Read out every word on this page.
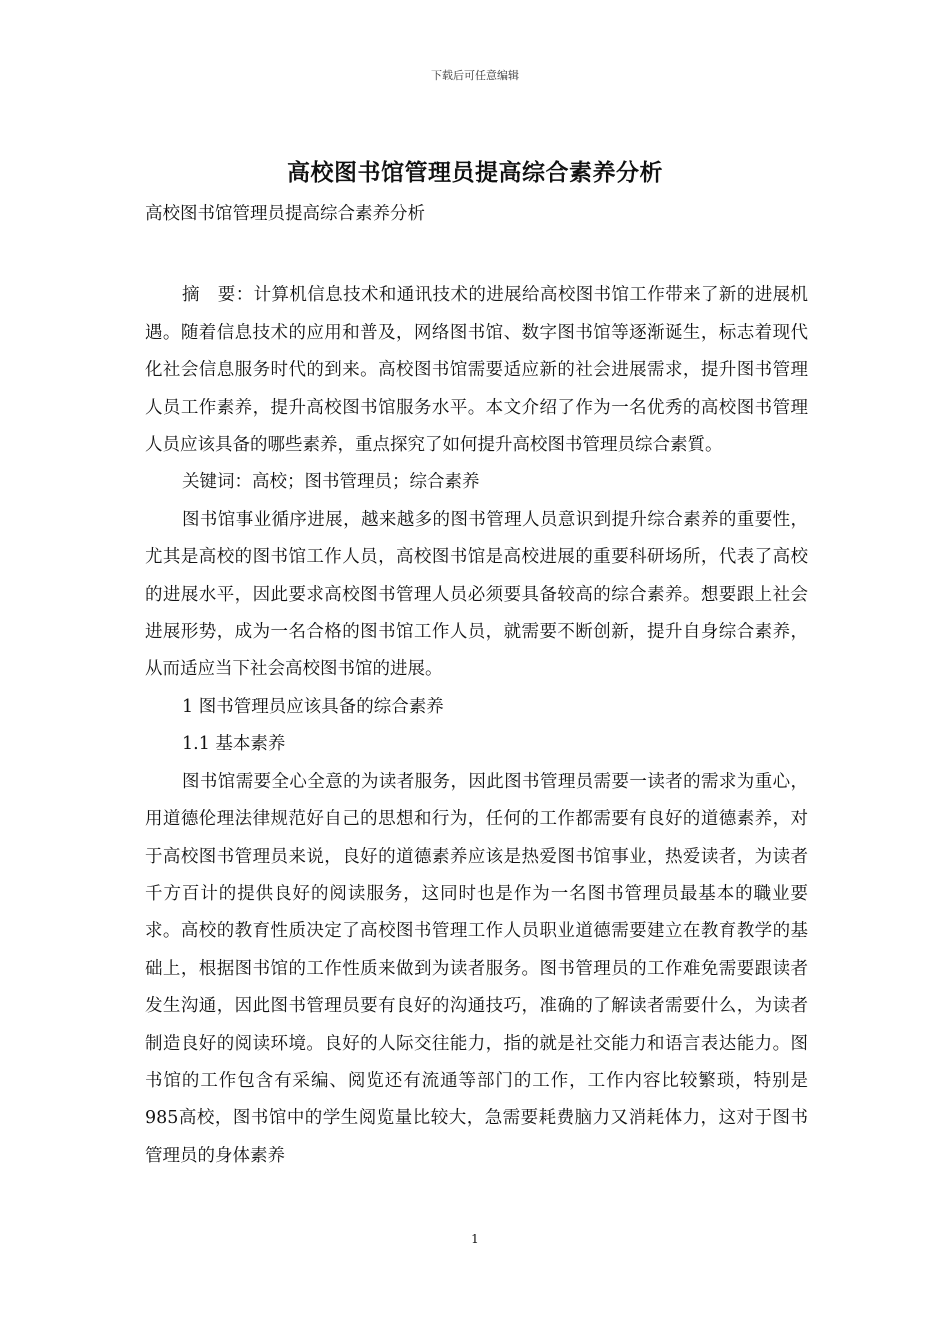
下载后可任意编辑
高校图书馆管理员提高综合素养分析

高校图书馆管理员提高综合素养分析

摘　要：计算机信息技术和通讯技术的进展给高校图书馆工作带来了新的进展机遇。随着信息技术的应用和普及，网络图书馆、数字图书馆等逐渐诞生，标志着现代化社会信息服务时代的到来。高校图书馆需要适应新的社会进展需求，提升图书管理人员工作素养，提升高校图书馆服务水平。本文介绍了作为一名优秀的高校图书管理人员应该具备的哪些素养，重点探究了如何提升高校图书管理员综合素質。

关键词：高校；图书管理员；综合素养

图书馆事业循序进展，越来越多的图书管理人员意识到提升综合素养的重要性，尤其是高校的图书馆工作人员，高校图书馆是高校进展的重要科研场所，代表了高校的进展水平，因此要求高校图书管理人员必须要具备较高的综合素养。想要跟上社会进展形势，成为一名合格的图书馆工作人员，就需要不断创新，提升自身综合素养，从而适应当下社会高校图书馆的进展。

1 图书管理员应该具备的综合素养

1.1 基本素养

图书馆需要全心全意的为读者服务，因此图书管理员需要一读者的需求为重心，用道德伦理法律规范好自己的思想和行为，任何的工作都需要有良好的道德素养，对于高校图书管理员来说，良好的道德素养应该是热爱图书馆事业，热爱读者，为读者千方百计的提供良好的阅读服务，这同时也是作为一名图书管理员最基本的職业要求。高校的教育性质决定了高校图书管理工作人员职业道德需要建立在教育教学的基础上，根据图书馆的工作性质来做到为读者服务。图书管理员的工作难免需要跟读者发生沟通，因此图书管理员要有良好的沟通技巧，准确的了解读者需要什么，为读者制造良好的阅读环境。良好的人际交往能力，指的就是社交能力和语言表达能力。图书馆的工作包含有采编、阅览还有流通等部门的工作，工作内容比较繁琐，特别是985高校，图书馆中的学生阅览量比较大，急需要耗费脑力又消耗体力，这对于图书管理员的身体素养

1
